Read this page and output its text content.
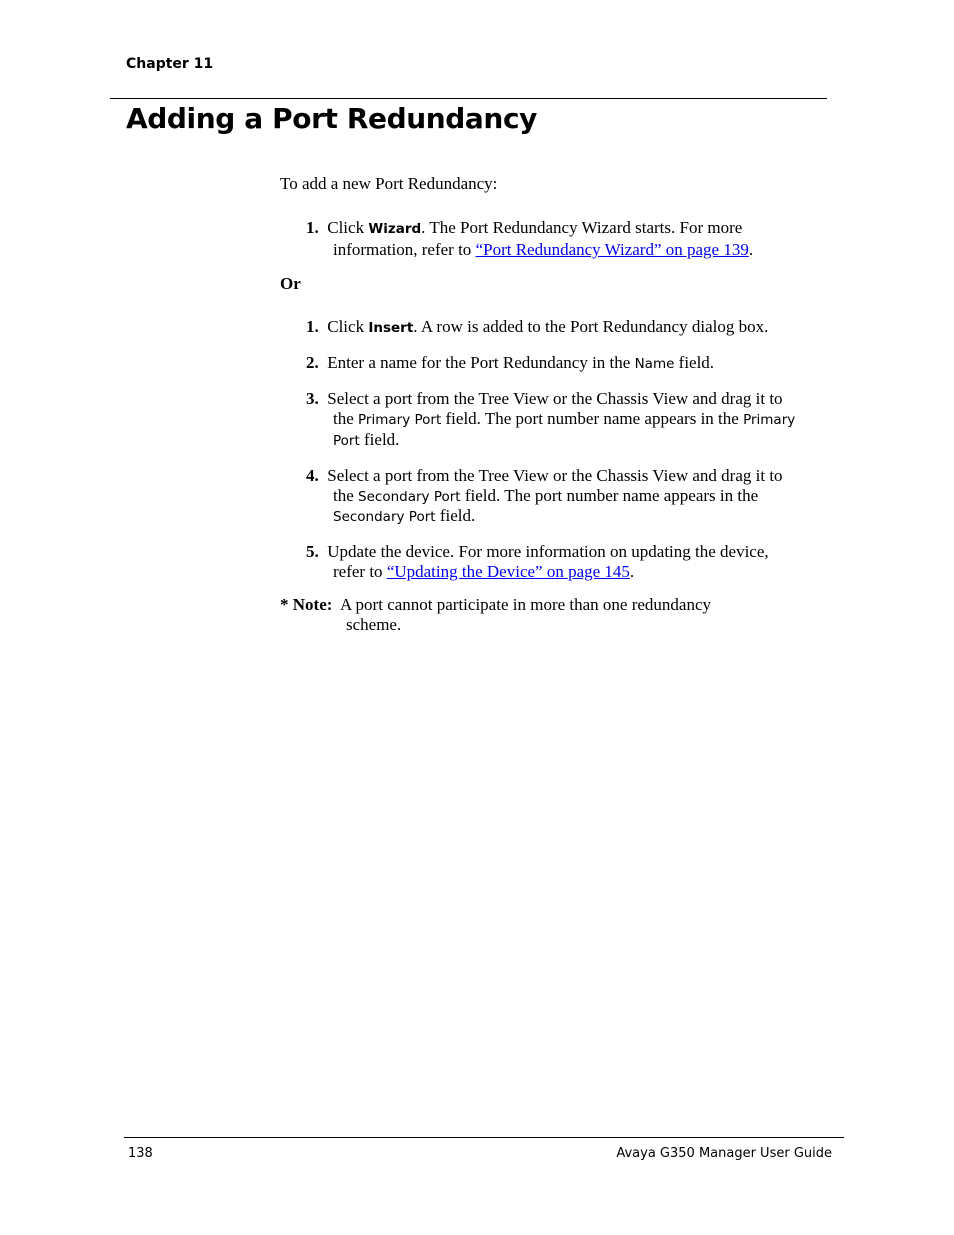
Chapter 11
Adding a Port Redundancy
To add a new Port Redundancy:
1. Click Wizard. The Port Redundancy Wizard starts. For more
information, refer to “Port Redundancy Wizard” on page 139.
Or
1. Click Insert. A row is added to the Port Redundancy dialog box.
2. Enter a name for the Port Redundancy in the Name field.
3. Select a port from the Tree View or the Chassis View and drag it to
the Primary Port field. The port number name appears in the Primary
Port field.
4. Select a port from the Tree View or the Chassis View and drag it to
the Secondary Port field. The port number name appears in the
Secondary Port field.
5. Update the device. For more information on updating the device,
refer to “Updating the Device” on page 145.
* Note: A port cannot participate in more than one redundancy
scheme.
138	Avaya G350 Manager User Guide
